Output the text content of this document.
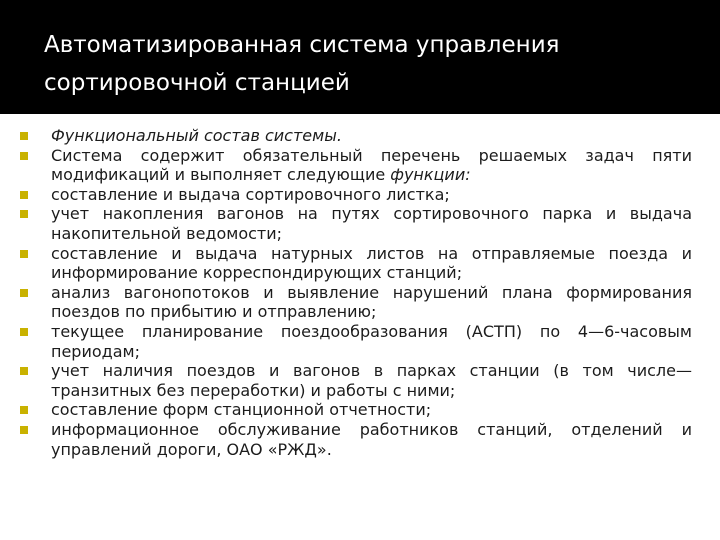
Автоматизированная система управления
сортировочной станцией
Функциональный состав системы.
Система содержит обязательный перечень решаемых задач пяти модификаций и выполняет следующие функции:
составление и выдача сортировочного листка;
учет накопления вагонов на путях сортировочного парка и выдача накопительной ведомости;
составление и выдача натурных листов на отправляемые поезда и информирование корреспондирующих станций;
анализ вагонопотоков и выявление нарушений плана формирования поездов по прибытию и отправлению;
текущее планирование поездообразования (АСТП) по 4—6-часовым периодам;
учет наличия поездов и вагонов в парках станции (в том числе— транзитных без переработки) и работы с ними;
составление форм станционной отчетности;
информационное обслуживание работников станций, отделений и управлений дороги, ОАО «РЖД».
